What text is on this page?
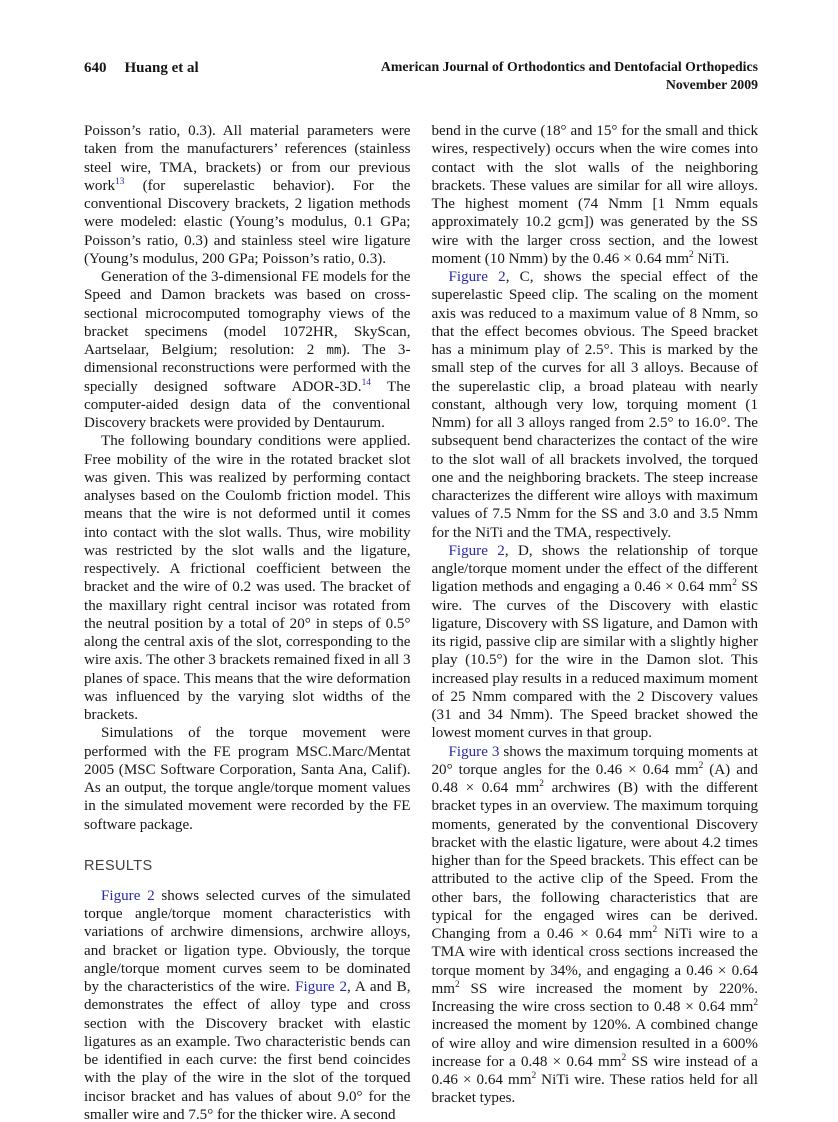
640 Huang et al	American Journal of Orthodontics and Dentofacial Orthopedics
November 2009

Poisson’s ratio, 0.3). All material parameters were taken from the manufacturers’ references (stainless steel wire, TMA, brackets) or from our previous work$^{13}$ (for superelastic behavior). For the conventional Discovery brackets, 2 ligation methods were modeled: elastic (Young’s modulus, 0.1 GPa; Poisson’s ratio, 0.3) and stainless steel wire ligature (Young’s modulus, 200 GPa; Poisson’s ratio, 0.3).

Generation of the 3-dimensional FE models for the Speed and Damon brackets was based on cross-sectional microcomputed tomography views of the bracket specimens (model 1072HR, SkyScan, Aartselaar, Belgium; resolution: 2 mm). The 3-dimensional reconstructions were performed with the specially designed software ADOR-3D.$^{14}$ The computer-aided design data of the conventional Discovery brackets were provided by Dentaurum.

The following boundary conditions were applied. Free mobility of the wire in the rotated bracket slot was given. This was realized by performing contact analyses based on the Coulomb friction model. This means that the wire is not deformed until it comes into contact with the slot walls. Thus, wire mobility was restricted by the slot walls and the ligature, respectively. A frictional coefficient between the bracket and the wire of 0.2 was used. The bracket of the maxillary right central incisor was rotated from the neutral position by a total of 20° in steps of 0.5° along the central axis of the slot, corresponding to the wire axis. The other 3 brackets remained fixed in all 3 planes of space. This means that the wire deformation was influenced by the varying slot widths of the brackets.

Simulations of the torque movement were performed with the FE program MSC.Marc/Mentat 2005 (MSC Software Corporation, Santa Ana, Calif). As an output, the torque angle/torque moment values in the simulated movement were recorded by the FE software package.

RESULTS

Figure 2 shows selected curves of the simulated torque angle/torque moment characteristics with variations of archwire dimensions, archwire alloys, and bracket or ligation type. Obviously, the torque angle/torque moment curves seem to be dominated by the characteristics of the wire. Figure 2, A and B, demonstrates the effect of alloy type and cross section with the Discovery bracket with elastic ligatures as an example. Two characteristic bends can be identified in each curve: the first bend coincides with the play of the wire in the slot of the torqued incisor bracket and has values of about 9.0° for the smaller wire and 7.5° for the thicker wire. A second

bend in the curve (18° and 15° for the small and thick wires, respectively) occurs when the wire comes into contact with the slot walls of the neighboring brackets. These values are similar for all wire alloys. The highest moment (74 Nmm [1 Nmm equals approximately 10.2 gcm]) was generated by the SS wire with the larger cross section, and the lowest moment (10 Nmm) by the 0.46 × 0.64 $mm^2$ NiTi.

Figure 2, C, shows the special effect of the superelastic Speed clip. The scaling on the moment axis was reduced to a maximum value of 8 Nmm, so that the effect becomes obvious. The Speed bracket has a minimum play of 2.5°. This is marked by the small step of the curves for all 3 alloys. Because of the superelastic clip, a broad plateau with nearly constant, although very low, torquing moment (1 Nmm) for all 3 alloys ranged from 2.5° to 16.0°. The subsequent bend characterizes the contact of the wire to the slot wall of all brackets involved, the torqued one and the neighboring brackets. The steep increase characterizes the different wire alloys with maximum values of 7.5 Nmm for the SS and 3.0 and 3.5 Nmm for the NiTi and the TMA, respectively.

Figure 2, D, shows the relationship of torque angle/torque moment under the effect of the different ligation methods and engaging a 0.46 × 0.64 $mm^2$ SS wire. The curves of the Discovery with elastic ligature, Discovery with SS ligature, and Damon with its rigid, passive clip are similar with a slightly higher play (10.5°) for the wire in the Damon slot. This increased play results in a reduced maximum moment of 25 Nmm compared with the 2 Discovery values (31 and 34 Nmm). The Speed bracket showed the lowest moment curves in that group.

Figure 3 shows the maximum torquing moments at 20° torque angles for the 0.46 × 0.64 $mm^2$ (A) and 0.48 × 0.64 $mm^2$ archwires (B) with the different bracket types in an overview. The maximum torquing moments, generated by the conventional Discovery bracket with the elastic ligature, were about 4.2 times higher than for the Speed brackets. This effect can be attributed to the active clip of the Speed. From the other bars, the following characteristics that are typical for the engaged wires can be derived. Changing from a 0.46 × 0.64 $mm^2$ NiTi wire to a TMA wire with identical cross sections increased the torque moment by 34%, and engaging a 0.46 × 0.64 $mm^2$ SS wire increased the moment by 220%. Increasing the wire cross section to 0.48 × 0.64 $mm^2$ increased the moment by 120%. A combined change of wire alloy and wire dimension resulted in a 600% increase for a 0.48 × 0.64 $mm^2$ SS wire instead of a 0.46 × 0.64 $mm^2$ NiTi wire. These ratios held for all bracket types.
